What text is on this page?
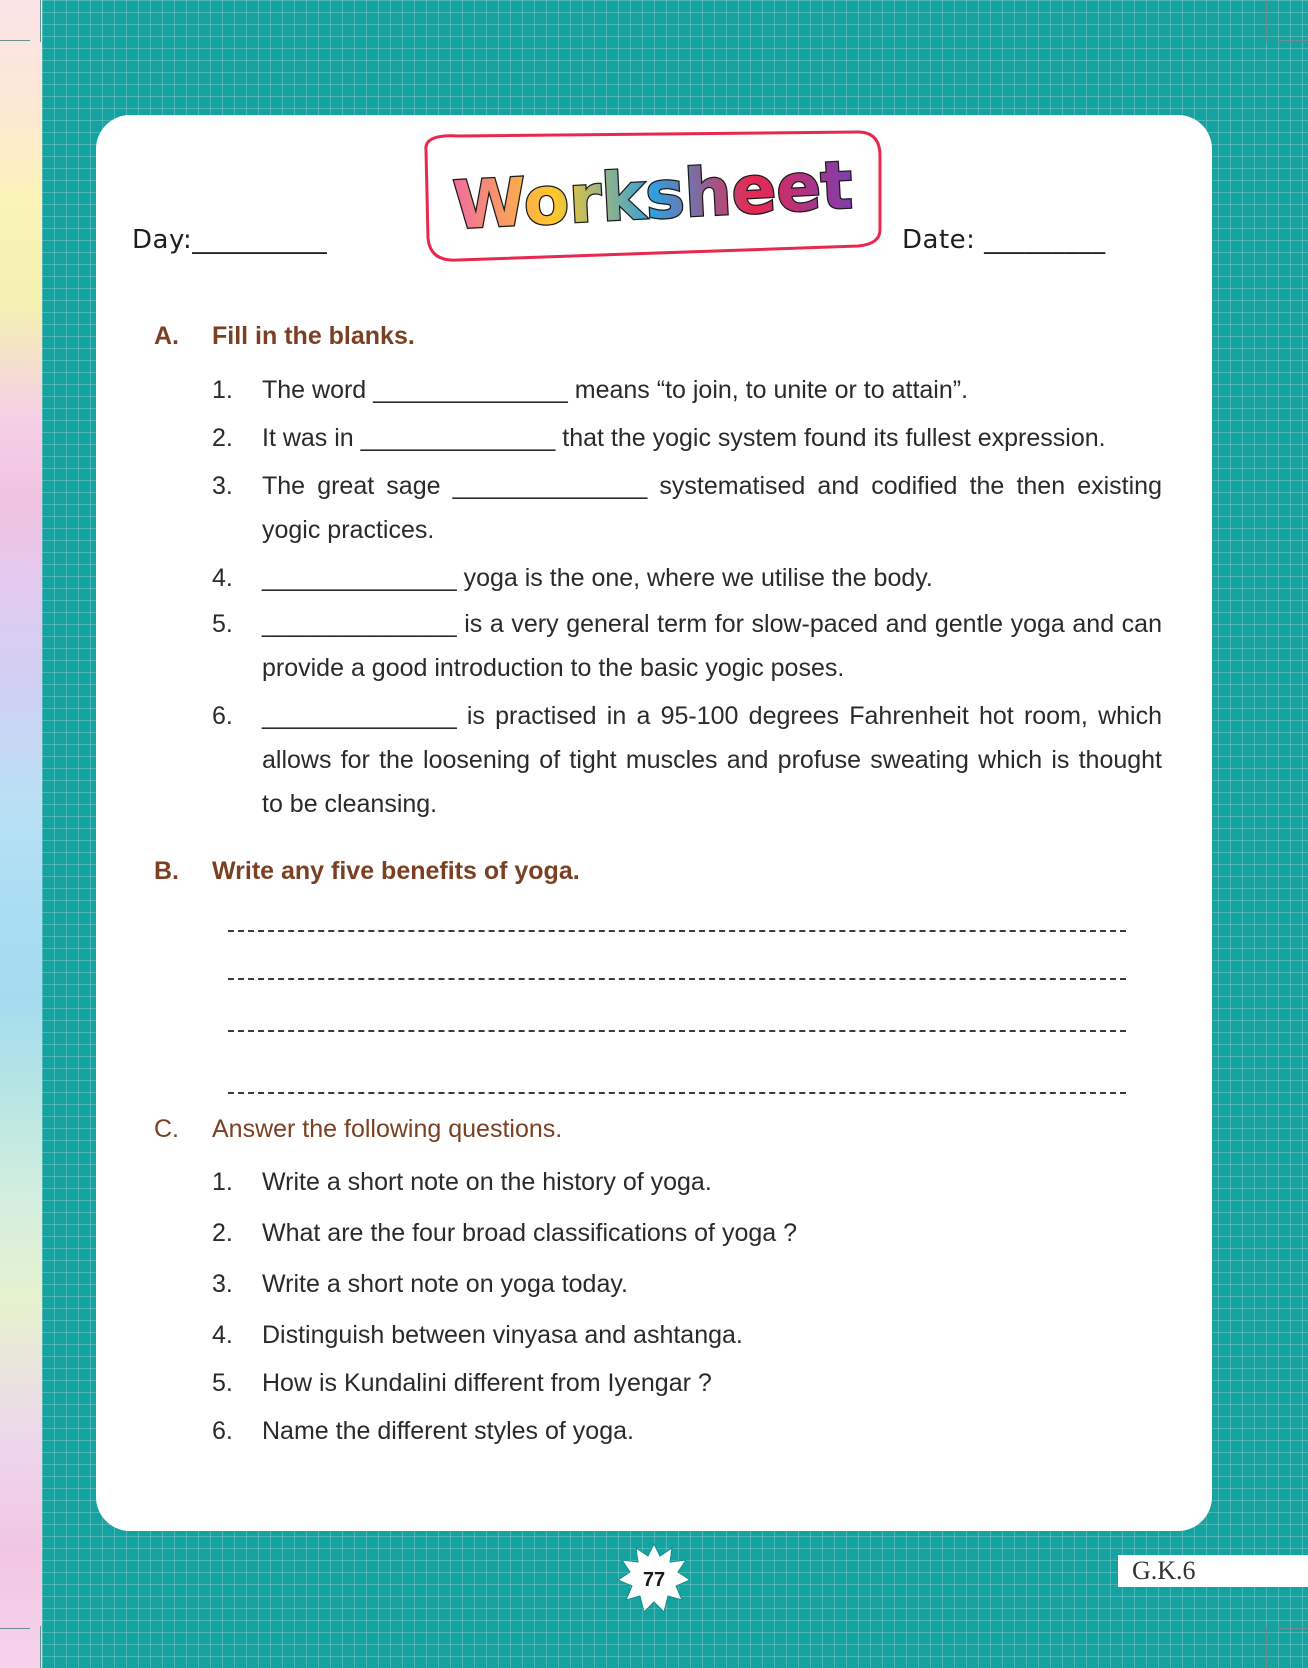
Day:__________	Date: _________
Worksheet
A. Fill in the blanks.
1. The word ______________ means “to join, to unite or to attain”.
2. It was in ______________ that the yogic system found its fullest expression.
3. The great sage ______________ systematised and codified the then existing yogic practices.
4. ______________ yoga is the one, where we utilise the body.
5. ______________ is a very general term for slow-paced and gentle yoga and can provide a good introduction to the basic yogic poses.
6. ______________ is practised in a 95-100 degrees Fahrenheit hot room, which allows for the loosening of tight muscles and profuse sweating which is thought to be cleansing.
B. Write any five benefits of yoga.
C. Answer the following questions.
1. Write a short note on the history of yoga.
2. What are the four broad classifications of yoga ?
3. Write a short note on yoga today.
4. Distinguish between vinyasa and ashtanga.
5. How is Kundalini different from Iyengar ?
6. Name the different styles of yoga.
77	G.K.6
